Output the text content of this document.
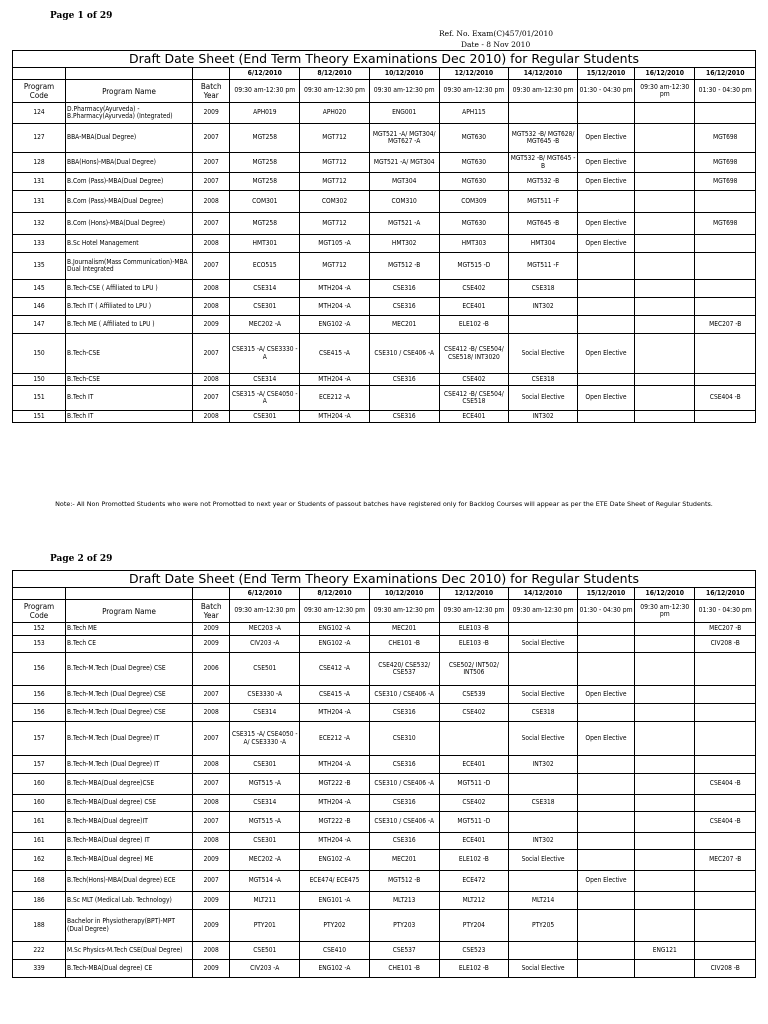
Page 1 of 29
Ref. No. Exam(C)457/01/2010
Date - 8 Nov 2010
Draft Date Sheet (End Term Theory Examinations Dec 2010) for Regular Students										
			6/12/2010	8/12/2010	10/12/2010	12/12/2010	14/12/2010	15/12/2010	16/12/2010	16/12/2010
Program Code	Program Name	Batch Year	09:30 am-12:30 pm	09:30 am-12:30 pm	09:30 am-12:30 pm	09:30 am-12:30 pm	09:30 am-12:30 pm	01:30 - 04:30 pm	09:30 am-12:30 pm	01:30 - 04:30 pm
124	D.Pharmacy(Ayurveda) -B.Pharmacy(Ayurveda) (Integrated)	2009	APH019	APH020	ENG001	APH115				
127	BBA-MBA(Dual Degree)	2007	MGT258	MGT712	MGT521 -A/ MGT304/ MGT627 -A	MGT630	MGT532 -B/ MGT628/ MGT645 -B	Open Elective		MGT698
128	BBA(Hons)-MBA(Dual Degree)	2007	MGT258	MGT712	MGT521 -A/ MGT304	MGT630	MGT532 -B/ MGT645 -B	Open Elective		MGT698
131	B.Com (Pass)-MBA(Dual Degree)	2007	MGT258	MGT712	MGT304	MGT630	MGT532 -B	Open Elective		MGT698
131	B.Com (Pass)-MBA(Dual Degree)	2008	COM301	COM302	COM310	COM309	MGT511 -F			
132	B.Com (Hons)-MBA(Dual Degree)	2007	MGT258	MGT712	MGT521 -A	MGT630	MGT645 -B	Open Elective		MGT698
133	B.Sc Hotel Management	2008	HMT301	MGT105 -A	HMT302	HMT303	HMT304	Open Elective		
135	B.Journalism(Mass Communication)-MBA Dual Integrated	2007	ECO515	MGT712	MGT512 -B	MGT515 -D	MGT511 -F			
145	B.Tech-CSE ( Affiliated to LPU )	2008	CSE314	MTH204 -A	CSE316	CSE402	CSE318			
146	B.Tech IT ( Affiliated to LPU )	2008	CSE301	MTH204 -A	CSE316	ECE401	INT302			
147	B.Tech ME ( Affiliated to LPU )	2009	MEC202 -A	ENG102 -A	MEC201	ELE102 -B				MEC207 -B
150	B.Tech-CSE	2007	CSE315 -A/ CSE3330 -A	CSE415 -A	CSE310 / CSE406 -A	CSE412 -B/ CSE504/ CSE518/ INT3020	Social Elective	Open Elective		
150	B.Tech-CSE	2008	CSE314	MTH204 -A	CSE316	CSE402	CSE318			
151	B.Tech IT	2007	CSE315 -A/ CSE4050 -A	ECE212 -A		CSE412 -B/ CSE504/ CSE518	Social Elective	Open Elective		CSE404 -B
151	B.Tech IT	2008	CSE301	MTH204 -A	CSE316	ECE401	INT302			
Note:- All Non Promotted Students who were not Promotted to next year or Students of passout batches have registered only for Backlog Courses will appear as per the ETE Date Sheet of Regular Students.
Page 2 of 29
Draft Date Sheet (End Term Theory Examinations Dec 2010) for Regular Students										
			6/12/2010	8/12/2010	10/12/2010	12/12/2010	14/12/2010	15/12/2010	16/12/2010	16/12/2010
Program Code	Program Name	Batch Year	09:30 am-12:30 pm	09:30 am-12:30 pm	09:30 am-12:30 pm	09:30 am-12:30 pm	09:30 am-12:30 pm	01:30 - 04:30 pm	09:30 am-12:30 pm	01:30 - 04:30 pm
152	B.Tech ME	2009	MEC203 -A	ENG102 -A	MEC201	ELE103 -B				MEC207 -B
153	B.Tech CE	2009	CIV203 -A	ENG102 -A	CHE101 -B	ELE103 -B	Social Elective			CIV208 -B
156	B.Tech-M.Tech (Dual Degree) CSE	2006	CSE501	CSE412 -A	CSE420/ CSE532/ CSE537	CSE502/ INT502/ INT506				
156	B.Tech-M.Tech (Dual Degree) CSE	2007	CSE3330 -A	CSE415 -A	CSE310 / CSE406 -A	CSE539	Social Elective	Open Elective		
156	B.Tech-M.Tech (Dual Degree) CSE	2008	CSE314	MTH204 -A	CSE316	CSE402	CSE318			
157	B.Tech-M.Tech (Dual Degree) IT	2007	CSE315 -A/ CSE4050 -A/ CSE3330 -A	ECE212 -A	CSE310		Social Elective	Open Elective		
157	B.Tech-M.Tech (Dual Degree) IT	2008	CSE301	MTH204 -A	CSE316	ECE401	INT302			
160	B.Tech-MBA(Dual degree)CSE	2007	MGT515 -A	MGT222 -B	CSE310 / CSE406 -A	MGT511 -D				CSE404 -B
160	B.Tech-MBA(Dual degree) CSE	2008	CSE314	MTH204 -A	CSE316	CSE402	CSE318			
161	B.Tech-MBA(Dual degree)IT	2007	MGT515 -A	MGT222 -B	CSE310 / CSE406 -A	MGT511 -D				CSE404 -B
161	B.Tech-MBA(Dual degree) IT	2008	CSE301	MTH204 -A	CSE316	ECE401	INT302			
162	B.Tech-MBA(Dual degree) ME	2009	MEC202 -A	ENG102 -A	MEC201	ELE102 -B	Social Elective			MEC207 -B
168	B.Tech(Hons)-MBA(Dual degree) ECE	2007	MGT514 -A	ECE474/ ECE475	MGT512 -B	ECE472		Open Elective		
186	B.Sc MLT (Medical Lab. Technology)	2009	MLT211	ENG101 -A	MLT213	MLT212	MLT214			
188	Bachelor in Physiotherapy(BPT)-MPT (Dual Degree)	2009	PTY201	PTY202	PTY203	PTY204	PTY205			
222	M.Sc Physics-M.Tech CSE(Dual Degree)	2008	CSE501	CSE410	CSE537	CSE523			ENG121	
339	B.Tech-MBA(Dual degree) CE	2009	CIV203 -A	ENG102 -A	CHE101 -B	ELE102 -B	Social Elective			CIV208 -B
